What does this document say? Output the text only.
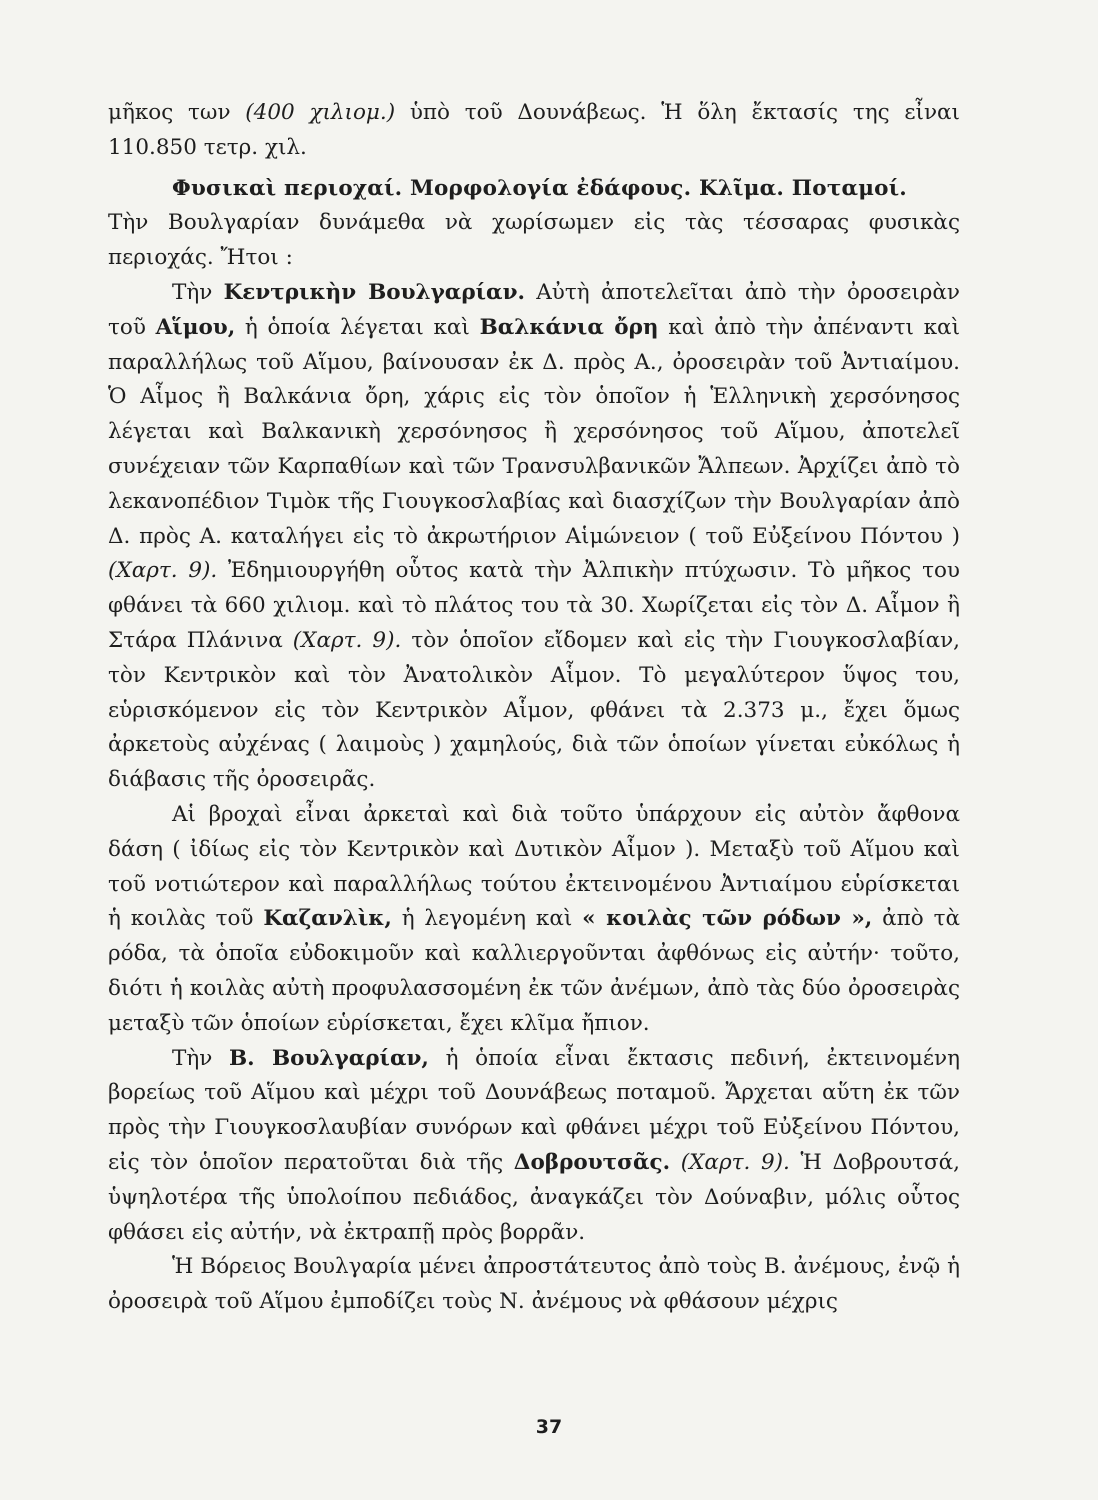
μῆκος των (400 χιλιομ.) ὑπὸ τοῦ Δουνάβεως. Ἡ ὅλη ἔκτασίς της εἶναι 110.850 τετρ. χιλ.

Φυσικαὶ περιοχαί. Μορφολογία ἐδάφους. Κλῖμα. Ποταμοί.

Τὴν Βουλγαρίαν δυνάμεθα νὰ χωρίσωμεν εἰς τὰς τέσσαρας φυσικὰς περιοχάς. Ἤτοι :

Τὴν Κεντρικὴν Βουλγαρίαν. Αὐτὴ ἀποτελεῖται ἀπὸ τὴν ὀροσειρὰν τοῦ Αἵμου, ἡ ὁποία λέγεται καὶ Βαλκάνια ὄρη καὶ ἀπὸ τὴν ἀπέναντι καὶ παραλλήλως τοῦ Αἵμου, βαίνουσαν ἐκ Δ. πρὸς Α., ὀροσειρὰν τοῦ Ἀντιαίμου. Ὁ Αἷμος ἢ Βαλκάνια ὄρη, χάρις εἰς τὸν ὁποῖον ἡ Ἑλληνικὴ χερσόνησος λέγεται καὶ Βαλκανικὴ χερσόνησος ἢ χερσόνησος τοῦ Αἵμου, ἀποτελεῖ συνέχειαν τῶν Καρπαθίων καὶ τῶν Τρανσυλβανικῶν Ἄλπεων. Ἀρχίζει ἀπὸ τὸ λεκανοπέδιον Τιμὸκ τῆς Γιουγκοσλαβίας καὶ διασχίζων τὴν Βουλγαρίαν ἀπὸ Δ. πρὸς Α. καταλήγει εἰς τὸ ἀκρωτήριον Αἱμώνειον ( τοῦ Εὐξείνου Πόντου ) (Χαρτ. 9). Ἐδημιουργήθη οὗτος κατὰ τὴν Ἀλπικὴν πτύχωσιν. Τὸ μῆκος του φθάνει τὰ 660 χιλιομ. καὶ τὸ πλάτος του τὰ 30. Χωρίζεται εἰς τὸν Δ. Αἷμον ἢ Στάρα Πλάνινα (Χαρτ. 9). τὸν ὁποῖον εἴδομεν καὶ εἰς τὴν Γιουγκοσλαβίαν, τὸν Κεντρικὸν καὶ τὸν Ἀνατολικὸν Αἷμον. Τὸ μεγαλύτερον ὕψος του, εὑρισκόμενον εἰς τὸν Κεντρικὸν Αἷμον, φθάνει τὰ 2.373 μ., ἔχει ὅμως ἀρκετοὺς αὐχένας ( λαιμοὺς ) χαμηλούς, διὰ τῶν ὁποίων γίνεται εὐκόλως ἡ διάβασις τῆς ὀροσειρᾶς.

Αἱ βροχαὶ εἶναι ἀρκεταὶ καὶ διὰ τοῦτο ὑπάρχουν εἰς αὐτὸν ἄφθονα δάση ( ἰδίως εἰς τὸν Κεντρικὸν καὶ Δυτικὸν Αἷμον ). Μεταξὺ τοῦ Αἵμου καὶ τοῦ νοτιώτερον καὶ παραλλήλως τούτου ἐκτεινομένου Ἀντιαίμου εὑρίσκεται ἡ κοιλὰς τοῦ Καζανλὶκ, ἡ λεγομένη καὶ « κοιλὰς τῶν ρόδων », ἀπὸ τὰ ρόδα, τὰ ὁποῖα εὐδοκιμοῦν καὶ καλλιεργοῦνται ἀφθόνως εἰς αὐτήν· τοῦτο, διότι ἡ κοιλὰς αὐτὴ προφυλασσομένη ἐκ τῶν ἀνέμων, ἀπὸ τὰς δύο ὀροσειρὰς μεταξὺ τῶν ὁποίων εὑρίσκεται, ἔχει κλῖμα ἤπιον.

Τὴν Β. Βουλγαρίαν, ἡ ὁποία εἶναι ἔκτασις πεδινή, ἐκτεινομένη βορείως τοῦ Αἵμου καὶ μέχρι τοῦ Δουνάβεως ποταμοῦ. Ἄρχεται αὕτη ἐκ τῶν πρὸς τὴν Γιουγκοσλαυβίαν συνόρων καὶ φθάνει μέχρι τοῦ Εὐξείνου Πόντου, εἰς τὸν ὁποῖον περατοῦται διὰ τῆς Δοβρουτσᾶς. (Χαρτ. 9). Ἡ Δοβρουτσά, ὑψηλοτέρα τῆς ὑπολοίπου πεδιάδος, ἀναγκάζει τὸν Δούναβιν, μόλις οὗτος φθάσει εἰς αὐτήν, νὰ ἐκτραπῇ πρὸς βορρᾶν.

Ἡ Βόρειος Βουλγαρία μένει ἀπροστάτευτος ἀπὸ τοὺς Β. ἀνέμους, ἐνῷ ἡ ὀροσειρὰ τοῦ Αἵμου ἐμποδίζει τοὺς Ν. ἀνέμους νὰ φθάσουν μέχρις

37
